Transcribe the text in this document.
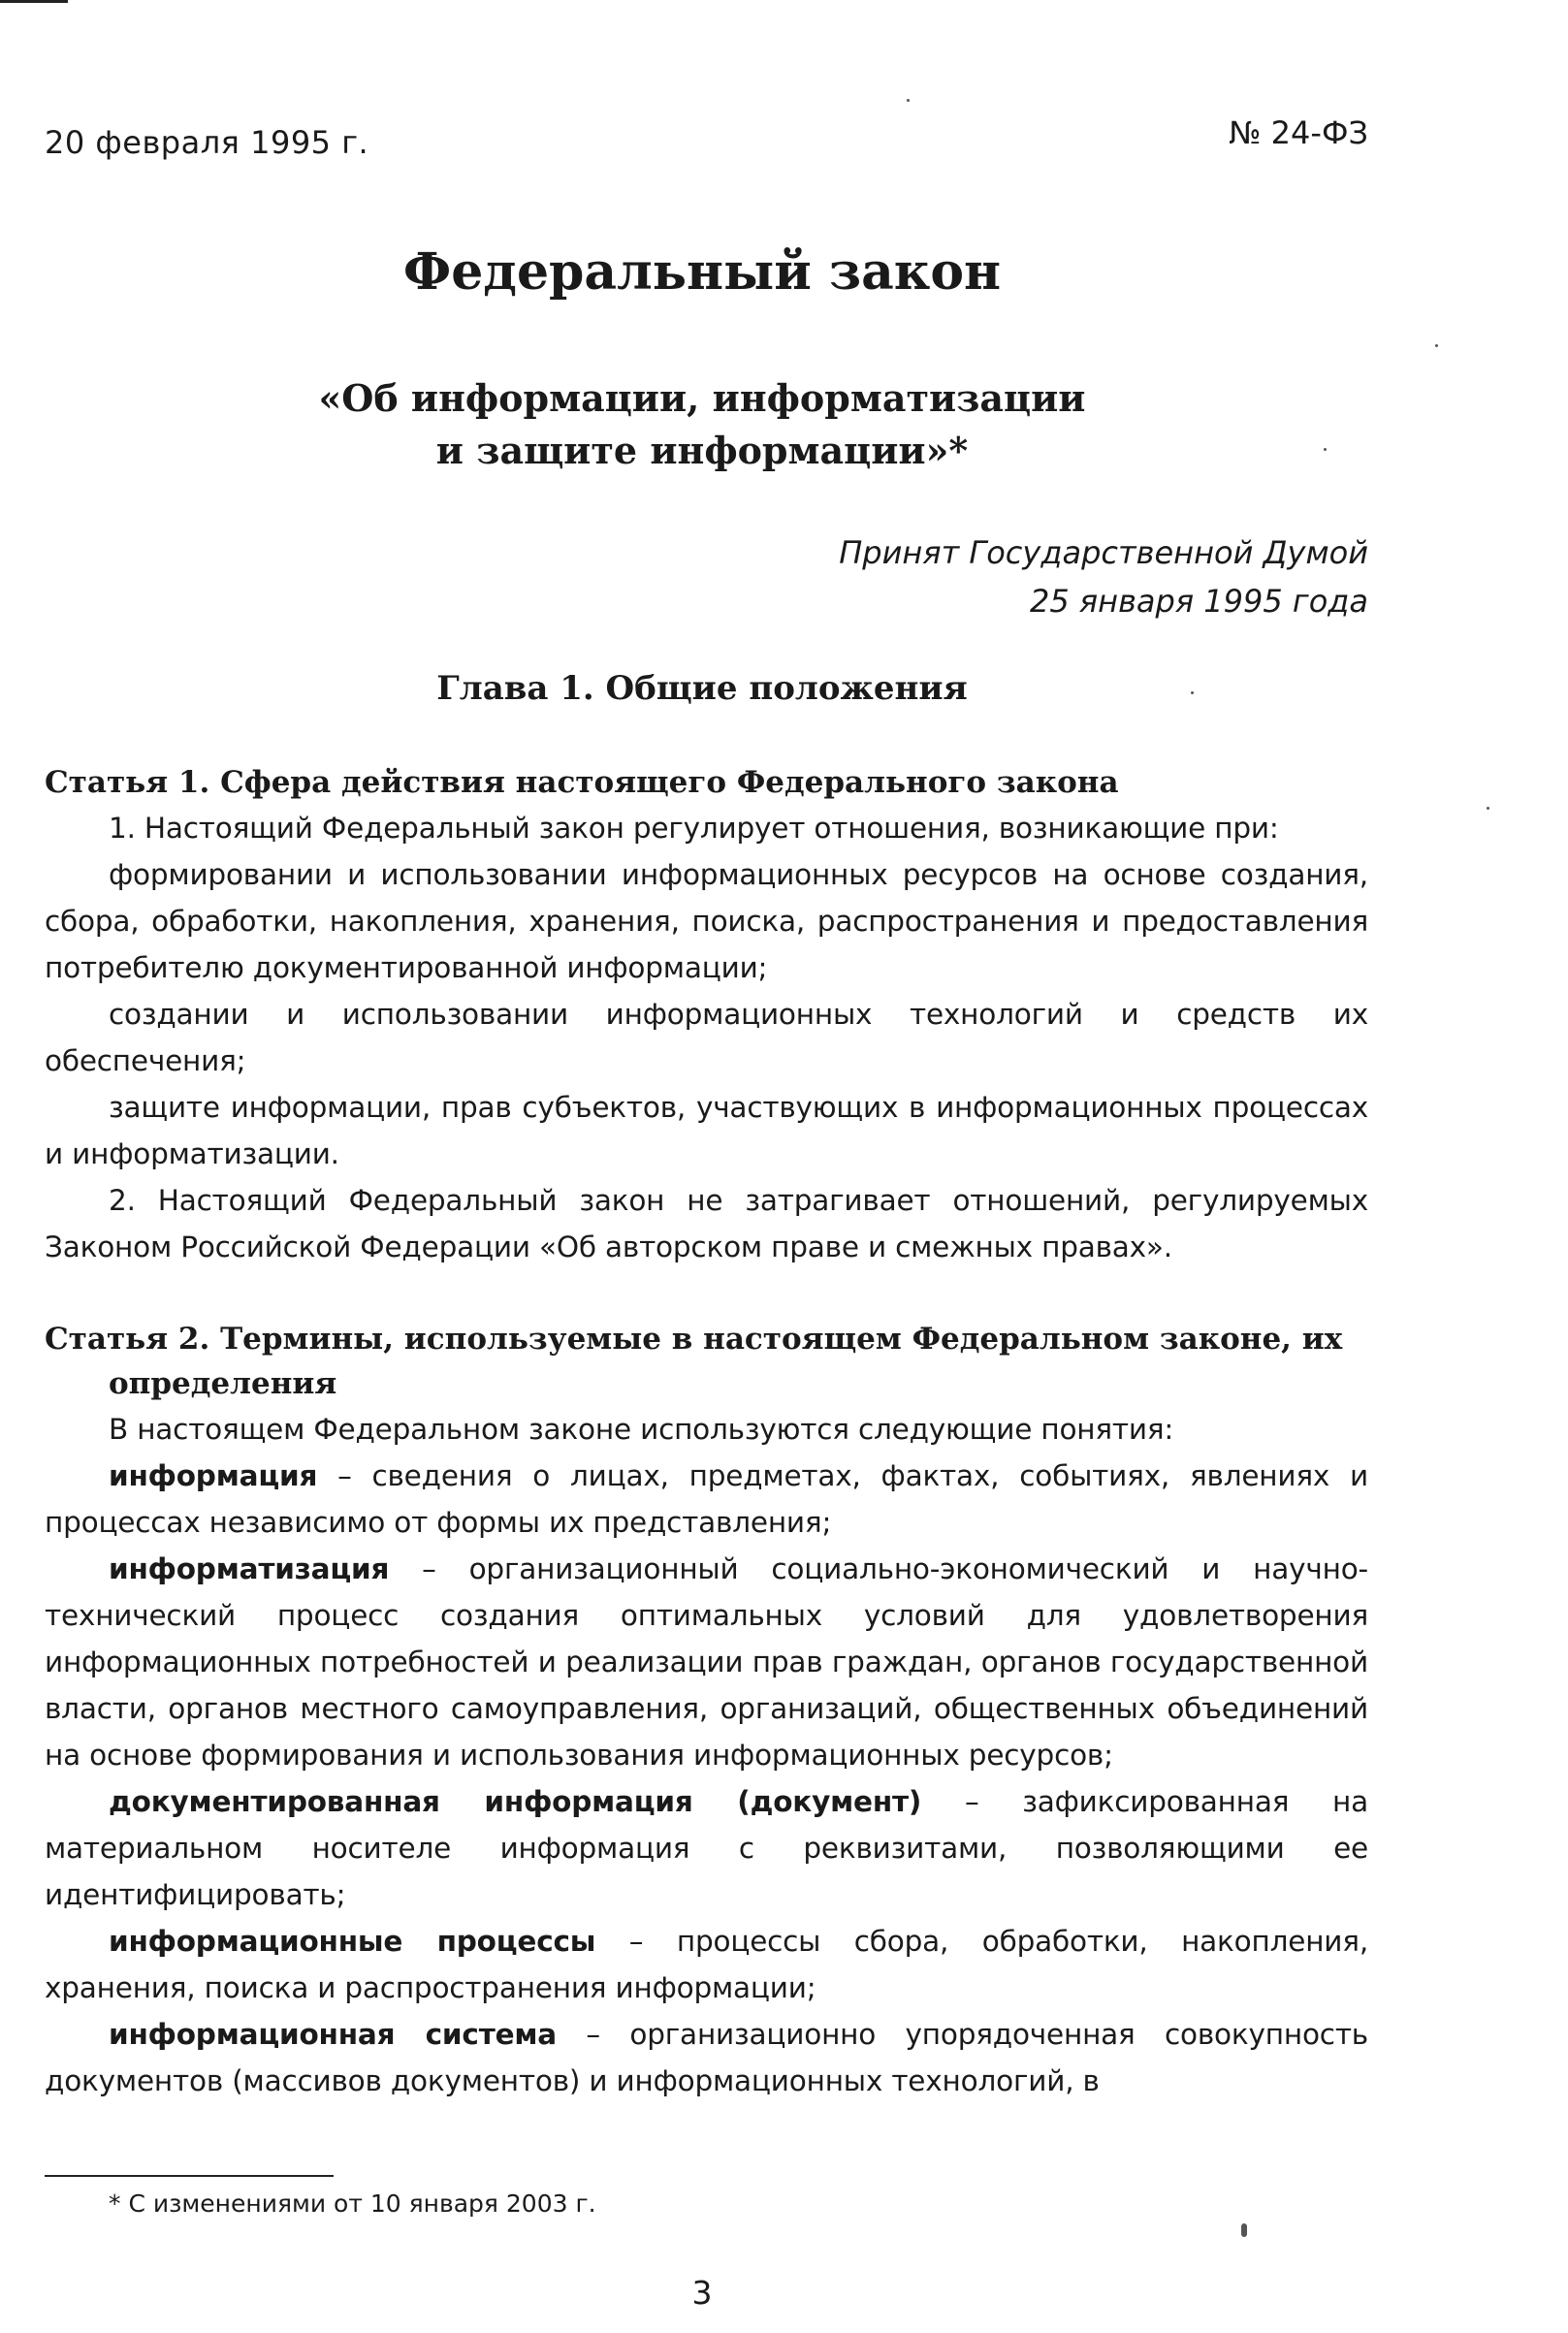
20 февраля 1995 г.	№ 24-ФЗ
Федеральный закон
«Об информации, информатизации
и защите информации»*
Принят Государственной Думой
25 января 1995 года
Глава 1. Общие положения

Статья 1. Сфера действия настоящего Федерального закона

1. Настоящий Федеральный закон регулирует отношения, возникающие при:

формировании и использовании информационных ресурсов на основе создания, сбора, обработки, накопления, хранения, поиска, распространения и предоставления потребителю документированной информации;

создании и использовании информационных технологий и средств их обеспечения;

защите информации, прав субъектов, участвующих в информационных процессах и информатизации.

2. Настоящий Федеральный закон не затрагивает отношений, регулируемых Законом Российской Федерации «Об авторском праве и смежных правах».

Статья 2. Термины, используемые в настоящем Федеральном законе, их
определения

В настоящем Федеральном законе используются следующие понятия:

информация – сведения о лицах, предметах, фактах, событиях, явлениях и процессах независимо от формы их представления;

информатизация – организационный социально-экономический и научно-технический процесс создания оптимальных условий для удовлетворения информационных потребностей и реализации прав граждан, органов государственной власти, органов местного самоуправления, организаций, общественных объединений на основе формирования и использования информационных ресурсов;

документированная информация (документ) – зафиксированная на материальном носителе информация с реквизитами, позволяющими ее идентифицировать;

информационные процессы – процессы сбора, обработки, накопления, хранения, поиска и распространения информации;

информационная система – организационно упорядоченная совокупность документов (массивов документов) и информационных технологий, в

* С изменениями от 10 января 2003 г.
3
